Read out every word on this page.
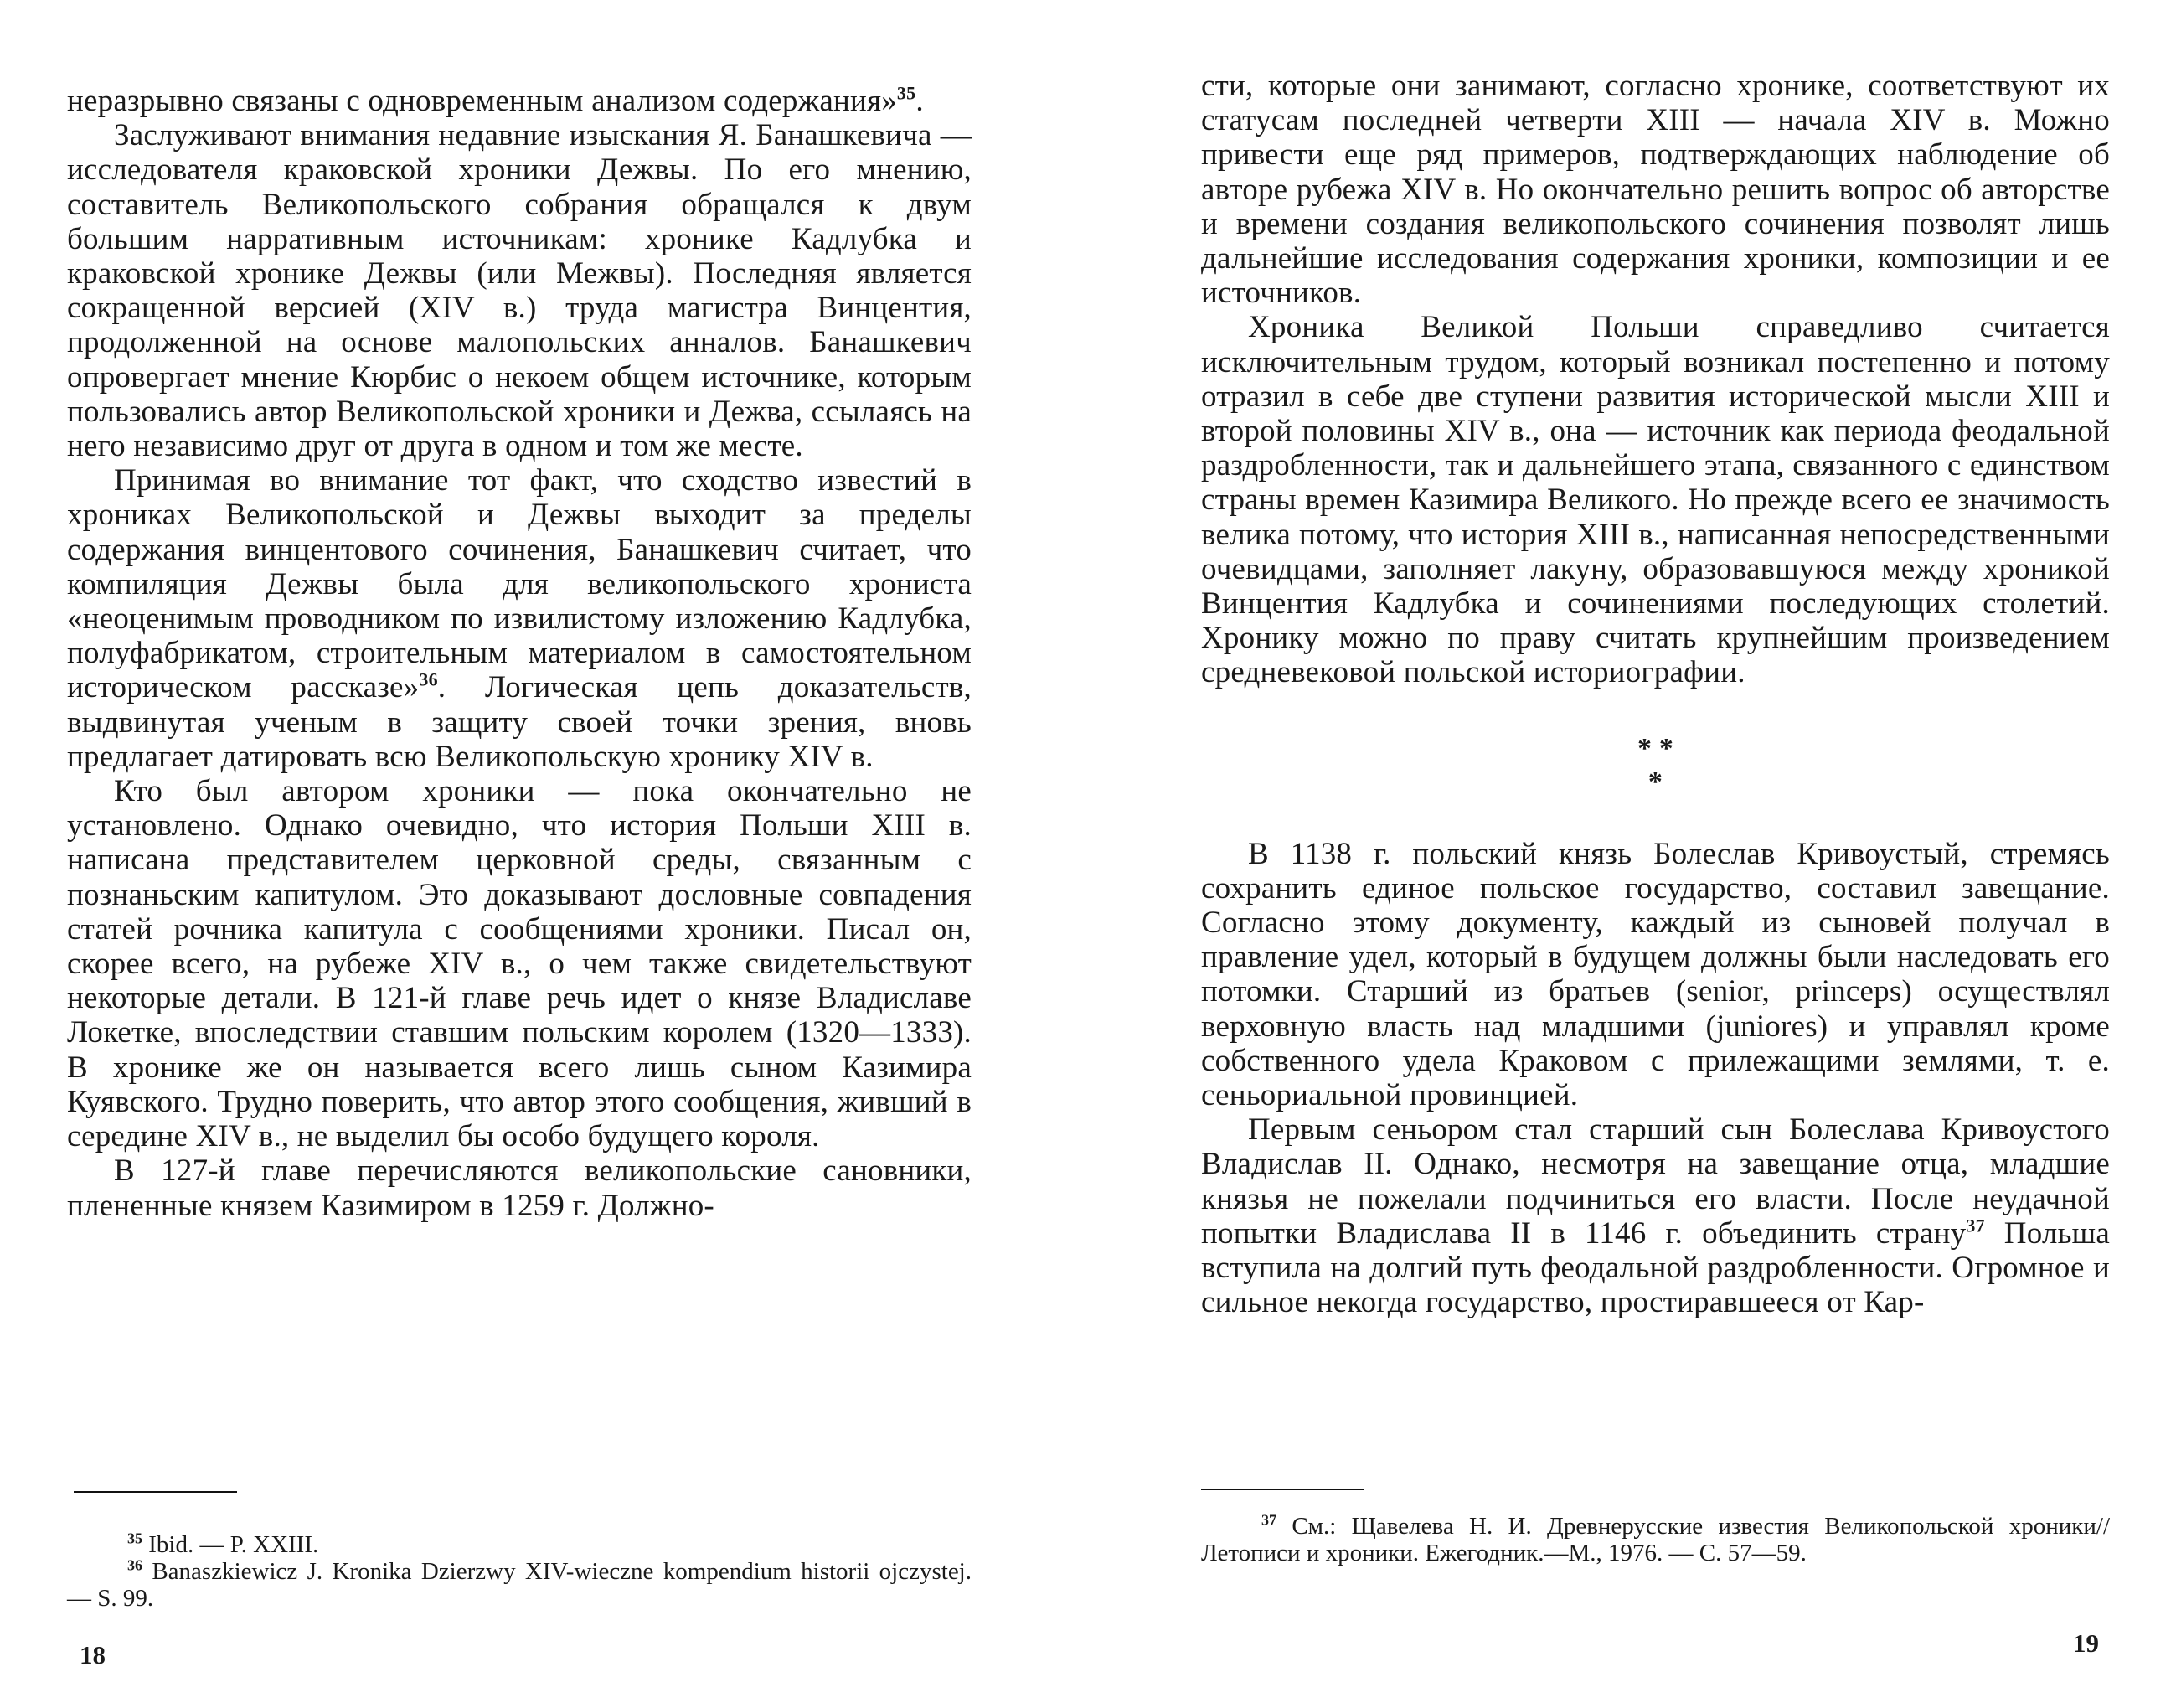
неразрывно связаны с одновременным анализом содержания»$^{35}$.

Заслуживают внимания недавние изыскания Я. Банашкевича — исследователя краковской хроники Дежвы. По его мнению, составитель Великопольского собрания обращался к двум большим нарративным источникам: хронике Кадлубка и краковской хронике Дежвы (или Межвы). Последняя является сокращенной версией (XIV в.) труда магистра Винцентия, продолженной на основе малопольских анналов. Банашкевич опровергает мнение Кюрбис о некоем общем источнике, которым пользовались автор Великопольской хроники и Дежва, ссылаясь на него независимо друг от друга в одном и том же месте.

Принимая во внимание тот факт, что сходство известий в хрониках Великопольской и Дежвы выходит за пределы содержания винцентового сочинения, Банашкевич считает, что компиляция Дежвы была для великопольского хрониста «неоценимым проводником по извилистому изложению Кадлубка, полуфабрикатом, строительным материалом в самостоятельном историческом рассказе»$^{36}$. Логическая цепь доказательств, выдвинутая ученым в защиту своей точки зрения, вновь предлагает датировать всю Великопольскую хронику XIV в.

Кто был автором хроники — пока окончательно не установлено. Однако очевидно, что история Польши XIII в. написана представителем церковной среды, связанным с познаньским капитулом. Это доказывают дословные совпадения статей рочника капитула с сообщениями хроники. Писал он, скорее всего, на рубеже XIV в., о чем также свидетельствуют некоторые детали. В 121-й главе речь идет о князе Владиславе Локетке, впоследствии ставшим польским королем (1320—1333). В хронике же он называется всего лишь сыном Казимира Куявского. Трудно поверить, что автор этого сообщения, живший в середине XIV в., не выделил бы особо будущего короля.

В 127-й главе перечисляются великопольские сановники, плененные князем Казимиром в 1259 г. Должно-

$^{35}$ Ibid. — P. XXIII.

$^{36}$ Banaszkiewicz J. Kronika Dzierzwy XIV-wieczne kompendium historii ojczystej. — S. 99.

18

сти, которые они занимают, согласно хронике, соответствуют их статусам последней четверти XIII — начала XIV в. Можно привести еще ряд примеров, подтверждающих наблюдение об авторе рубежа XIV в. Но окончательно решить вопрос об авторстве и времени создания великопольского сочинения позволят лишь дальнейшие исследования содержания хроники, композиции и ее источников.

Хроника Великой Польши справедливо считается исключительным трудом, который возникал постепенно и потому отразил в себе две ступени развития исторической мысли XIII и второй половины XIV в., она — источник как периода феодальной раздробленности, так и дальнейшего этапа, связанного с единством страны времен Казимира Великого. Но прежде всего ее значимость велика потому, что история XIII в., написанная непосредственными очевидцами, заполняет лакуну, образовавшуюся между хроникой Винцентия Кадлубка и сочинениями последующих столетий. Хронику можно по праву считать крупнейшим произведением средневековой польской историографии.

* *
*

В 1138 г. польский князь Болеслав Кривоустый, стремясь сохранить единое польское государство, составил завещание. Согласно этому документу, каждый из сыновей получал в правление удел, который в будущем должны были наследовать его потомки. Старший из братьев (senior, princeps) осуществлял верховную власть над младшими (juniores) и управлял кроме собственного удела Краковом с прилежащими землями, т. е. сеньориальной провинцией.

Первым сеньором стал старший сын Болеслава Кривоустого Владислав II. Однако, несмотря на завещание отца, младшие князья не пожелали подчиниться его власти. После неудачной попытки Владислава II в 1146 г. объединить страну$^{37}$ Польша вступила на долгий путь феодальной раздробленности. Огромное и сильное некогда государство, простиравшееся от Кар-

$^{37}$ См.: Щавелева Н. И. Древнерусские известия Великопольской хроники//Летописи и хроники. Ежегодник.—М., 1976. — С. 57—59.

19
